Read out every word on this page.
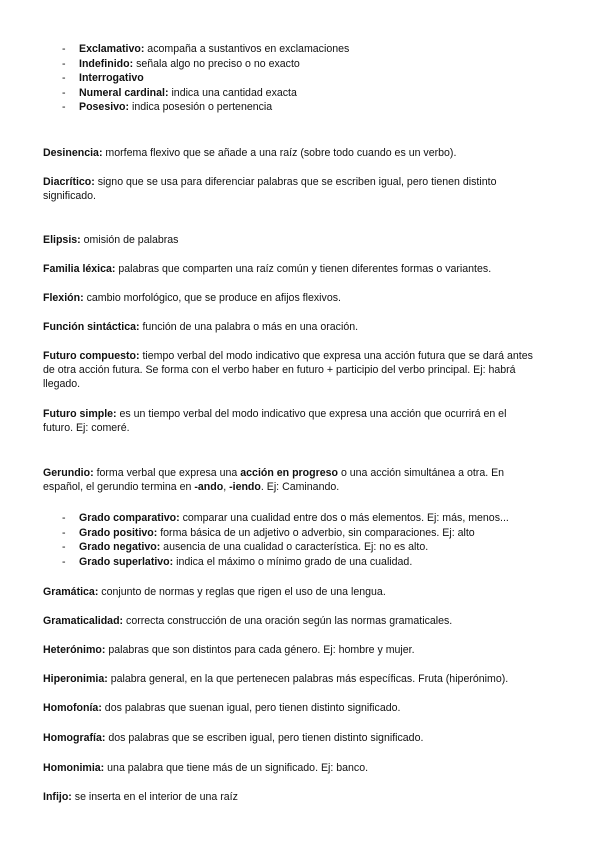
- Exclamativo: acompaña a sustantivos en exclamaciones
- Indefinido: señala algo no preciso o no exacto
- Interrogativo
- Numeral cardinal: indica una cantidad exacta
- Posesivo: indica posesión o pertenencia

Desinencia: morfema flexivo que se añade a una raíz (sobre todo cuando es un verbo).

Diacrítico: signo que se usa para diferenciar palabras que se escriben igual, pero tienen distinto

significado.

Elipsis: omisión de palabras

Familia léxica: palabras que comparten una raíz común y tienen diferentes formas o variantes.

Flexión: cambio morfológico, que se produce en afijos flexivos.

Función sintáctica: función de una palabra o más en una oración.

Futuro compuesto: tiempo verbal del modo indicativo que expresa una acción futura que se dará antes

de otra acción futura. Se forma con el verbo haber en futuro + participio del verbo principal. Ej: habrá

llegado.

Futuro simple: es un tiempo verbal del modo indicativo que expresa una acción que ocurrirá en el

futuro. Ej: comeré.

Gerundio: forma verbal que expresa una acción en progreso o una acción simultánea a otra. En

español, el gerundio termina en -ando, -iendo. Ej: Caminando.

- Grado comparativo: comparar una cualidad entre dos o más elementos. Ej: más, menos...
- Grado positivo: forma básica de un adjetivo o adverbio, sin comparaciones. Ej: alto
- Grado negativo: ausencia de una cualidad o característica. Ej: no es alto.
- Grado superlativo: indica el máximo o mínimo grado de una cualidad.

Gramática: conjunto de normas y reglas que rigen el uso de una lengua.

Gramaticalidad: correcta construcción de una oración según las normas gramaticales.

Heterónimo: palabras que son distintos para cada género. Ej: hombre y mujer.

Hiperonimia: palabra general, en la que pertenecen palabras más específicas. Fruta (hiperónimo).

Homofonía: dos palabras que suenan igual, pero tienen distinto significado.

Homografía: dos palabras que se escriben igual, pero tienen distinto significado.

Homonimia: una palabra que tiene más de un significado. Ej: banco.

Infijo: se inserta en el interior de una raíz
